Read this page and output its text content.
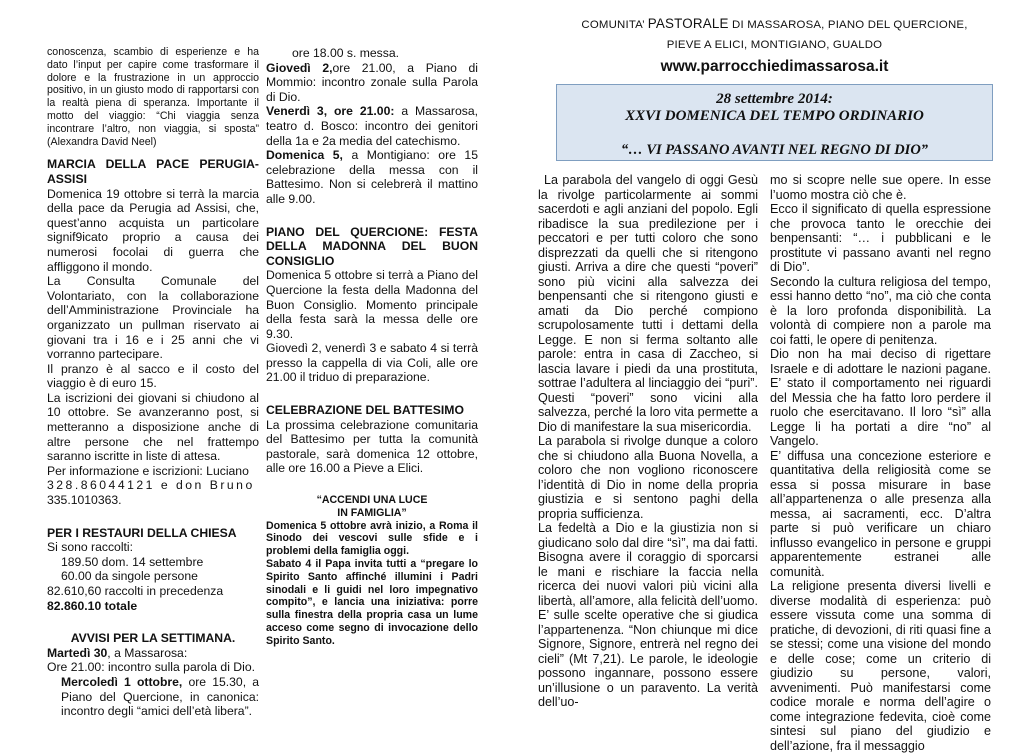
conoscenza, scambio di esperienze e ha dato l’input per capire come trasformare il dolore e la frustrazione in un approccio positivo, in un giusto modo di rapportarsi con la realtà piena di speranza. Importante il motto del viaggio: “Chi viaggia senza incontrare l’altro, non viaggia, si sposta” (Alexandra David Neel)

MARCIA DELLA PACE PERUGIA-ASSISI

Domenica 19 ottobre si terrà la marcia della pace da Perugia ad Assisi, che, quest’anno acquista un particolare signif9icato proprio a causa dei numerosi focolai di guerra che affliggono il mondo.

La Consulta Comunale del Volontariato, con la collaborazione dell’Amministrazione Provinciale ha organizzato un pullman riservato ai giovani tra i 16 e i 25 anni che vi vorranno partecipare.

Il pranzo è al sacco e il costo del viaggio è di euro 15.

La iscrizioni dei giovani si chiudono al 10 ottobre. Se avanzeranno post, si metteranno a disposizione anche di altre persone che nel frattempo saranno iscritte in liste di attesa.

Per informazione e iscrizioni: Luciano

328.86044121 e don Bruno

335.1010363.

PER I RESTAURI DELLA CHIESA

Si sono raccolti:

189.50 dom. 14 settembre

60.00 da singole persone

82.610,60 raccolti in precedenza

82.860.10 totale

AVVISI PER LA SETTIMANA.

Martedì 30, a Massarosa:

Ore 21.00: incontro sulla parola di Dio.

Mercoledì 1 ottobre, ore 15.30, a Piano del Quercione, in canonica: incontro degli “amici dell’età libera”.

ore 18.00 s. messa.

Giovedì 2,ore 21.00, a Piano di Mommio: incontro zonale sulla Parola di Dio.

Venerdì 3, ore 21.00: a Massarosa, teatro d. Bosco: incontro dei genitori della 1a e 2a media del catechismo.

Domenica 5, a Montigiano: ore 15 celebrazione della messa con il Battesimo. Non si celebrerà il mattino alle 9.00.

PIANO DEL QUERCIONE: FESTA DELLA MADONNA DEL BUON CONSIGLIO

Domenica 5 ottobre si terrà a Piano del Quercione la festa della Madonna del Buon Consiglio. Momento principale della festa sarà la messa delle ore 9.30.

Giovedì 2, venerdì 3 e sabato 4 si terrà presso la cappella di via Coli, alle ore 21.00 il triduo di preparazione.

CELEBRAZIONE DEL BATTESIMO

La prossima celebrazione comunitaria del Battesimo per tutta la comunità pastorale, sarà domenica 12 ottobre, alle ore 16.00 a Pieve a Elici.

“ACCENDI UNA LUCE

IN FAMIGLIA”

Domenica 5 ottobre avrà inizio, a Roma il Sinodo dei vescovi sulle sfide e i problemi della famiglia oggi.

Sabato 4 il Papa invita tutti a “pregare lo Spirito Santo affinché illumini i Padri sinodali e li guidi nel loro impegnativo compito”, e lancia una iniziativa: porre sulla finestra della propria casa un lume acceso come segno di invocazione dello Spirito Santo.

COMUNITA’ PASTORALE DI MASSAROSA, PIANO DEL QUERCIONE,
PIEVE A ELICI, MONTIGIANO, GUALDO
www.parrocchiedimassarosa.it
28 settembre 2014:
XXVI DOMENICA DEL TEMPO ORDINARIO
“… VI PASSANO AVANTI NEL REGNO DI DIO”

La parabola del vangelo di oggi Gesù la rivolge particolarmente ai sommi sacerdoti e agli anziani del popolo. Egli ribadisce la sua predilezione per i peccatori e per tutti coloro che sono disprezzati da quelli che si ritengono giusti. Arriva a dire che questi “poveri” sono più vicini alla salvezza dei benpensanti che si ritengono giusti e amati da Dio perché compiono scrupolosamente tutti i dettami della Legge. E non si ferma soltanto alle parole: entra in casa di Zaccheo, si lascia lavare i piedi da una prostituta, sottrae l’adultera al linciaggio dei “puri”. Questi “poveri” sono vicini alla salvezza, perché la loro vita permette a Dio di manifestare la sua misericordia.

La parabola si rivolge dunque a coloro che si chiudono alla Buona Novella, a coloro che non vogliono riconoscere l’identità di Dio in nome della propria giustizia e si sentono paghi della propria sufficienza.

La fedeltà a Dio e la giustizia non si giudicano solo dal dire “sì”, ma dai fatti. Bisogna avere il coraggio di sporcarsi le mani e rischiare la faccia nella ricerca dei nuovi valori più vicini alla libertà, all’amore, alla felicità dell’uomo. E’ sulle scelte operative che si giudica l’appartenenza. “Non chiunque mi dice Signore, Signore, entrerà nel regno dei cieli” (Mt 7,21). Le parole, le ideologie possono ingannare, possono essere un’illusione o un paravento. La verità dell’uo-

mo si scopre nelle sue opere. In esse l’uomo mostra ciò che è.

Ecco il significato di quella espressione che provoca tanto le orecchie dei benpensanti: “… i pubblicani e le prostitute vi passano avanti nel regno di Dio”.

Secondo la cultura religiosa del tempo, essi hanno detto “no”, ma ciò che conta è la loro profonda disponibilità. La volontà di compiere non a parole ma coi fatti, le opere di penitenza.

Dio non ha mai deciso di rigettare Israele e di adottare le nazioni pagane. E’ stato il comportamento nei riguardi del Messia che ha fatto loro perdere il ruolo che esercitavano. Il loro “sì” alla Legge li ha portati a dire “no” al Vangelo.

E’ diffusa una concezione esteriore e quantitativa della religiosità come se essa si possa misurare in base all’appartenenza o alle presenza alla messa, ai sacramenti, ecc. D’altra parte si può verificare un chiaro influsso evangelico in persone e gruppi apparentemente estranei alle comunità.

La religione presenta diversi livelli e diverse modalità di esperienza: può essere vissuta come una somma di pratiche, di devozioni, di riti quasi fine a se stessi; come una visione del mondo e delle cose; come un criterio di giudizio su persone, valori, avvenimenti. Può manifestarsi come codice morale e norma dell’agire o come integrazione fedevita, cioè come sintesi sul piano del giudizio e dell’azione, fra il messaggio
